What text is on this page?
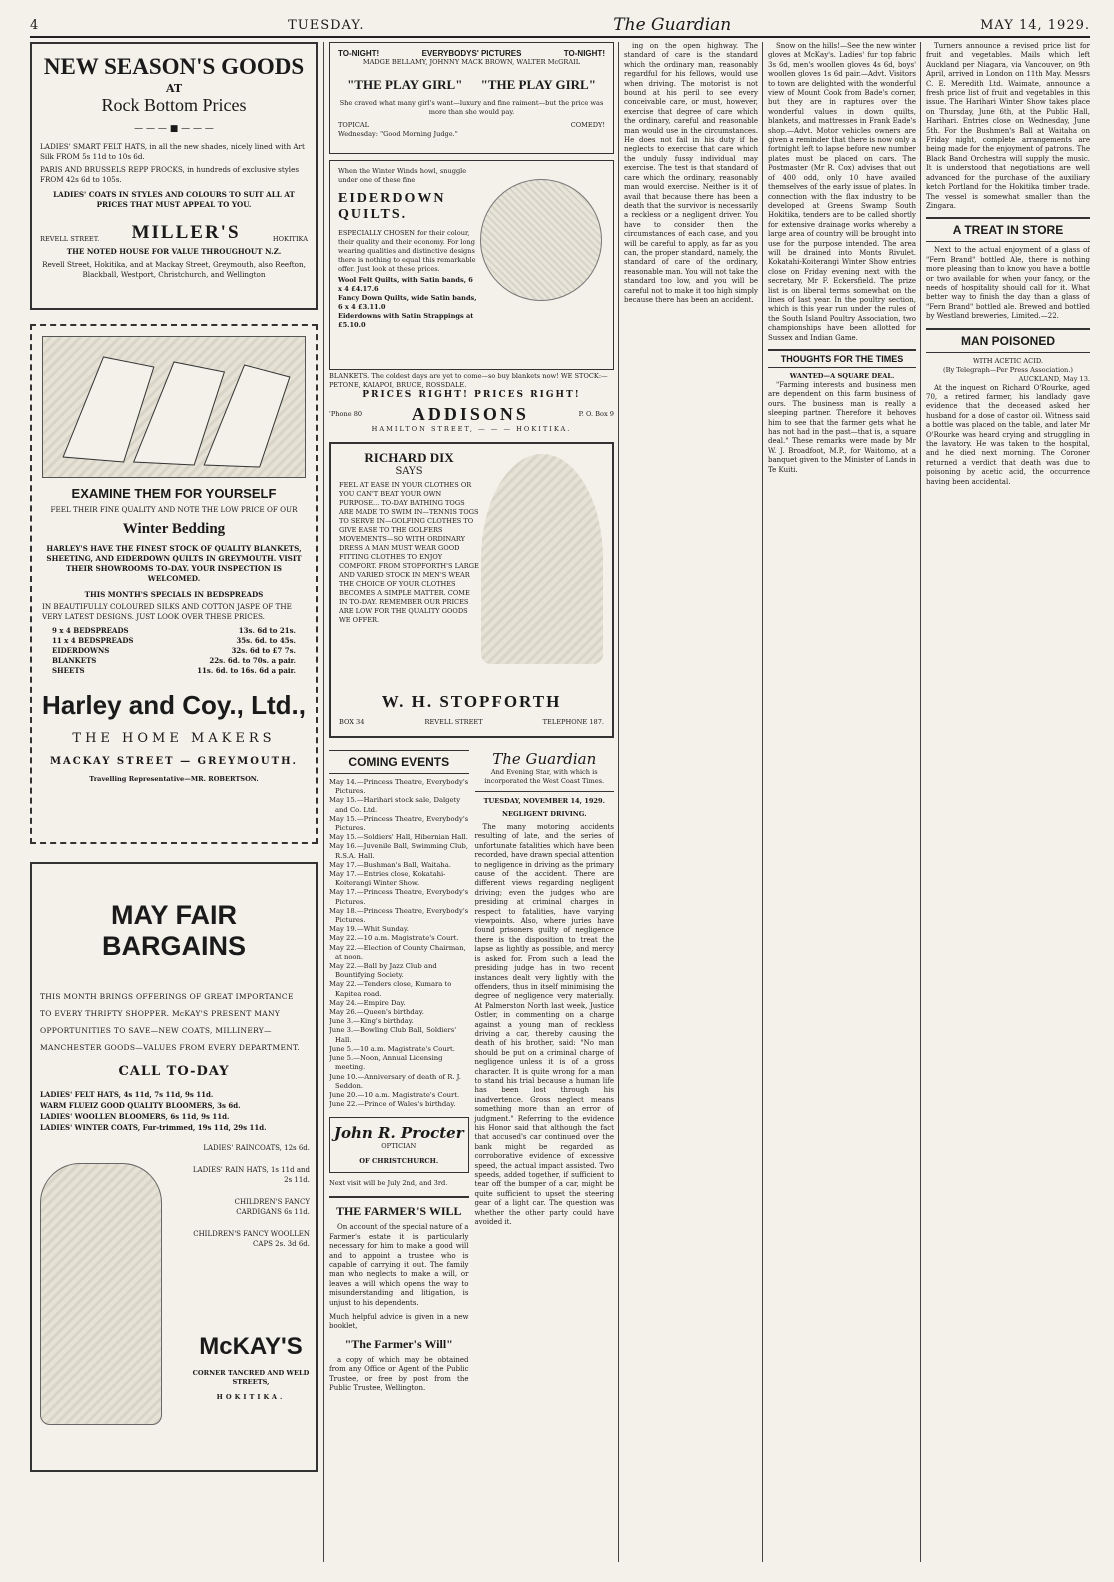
4	TUESDAY.	The Guardian	MAY 14, 1929.
NEW SEASON'S GOODS
AT
Rock Bottom Prices
— — — ■ — — —

LADIES' SMART FELT HATS, in all the new shades, nicely lined with Art Silk FROM 5s 11d to 10s 6d.

PARIS AND BRUSSELS REPP FROCKS, in hundreds of exclusive styles FROM 42s 6d to 105s.

LADIES' COATS IN STYLES AND COLOURS TO SUIT ALL AT PRICES THAT MUST APPEAL TO YOU.

REVELL STREET. MILLER'S	HOKITIKA

THE NOTED HOUSE FOR VALUE THROUGHOUT N.Z.

Revell Street, Hokitika, and at Mackay Street, Greymouth, also Reefton, Blackball, Westport, Christchurch, and Wellington

EXAMINE THEM FOR YOURSELF

FEEL THEIR FINE QUALITY AND NOTE THE LOW PRICE OF OUR

Winter Bedding

HARLEY'S HAVE THE FINEST STOCK OF QUALITY BLANKETS, SHEETING, AND EIDERDOWN QUILTS IN GREYMOUTH. VISIT THEIR SHOWROOMS TO-DAY. YOUR INSPECTION IS WELCOMED.

THIS MONTH'S SPECIALS IN BEDSPREADS

IN BEAUTIFULLY COLOURED SILKS AND COTTON JASPE OF THE VERY LATEST DESIGNS. JUST LOOK OVER THESE PRICES.

9 x 4 BEDSPREADS	13s. 6d to 21s.
11 x 4 BEDSPREADS	35s. 6d. to 45s.
EIDERDOWNS	32s. 6d to £7 7s.
BLANKETS	22s. 6d. to 70s. a pair.
SHEETS	11s. 6d. to 16s. 6d a pair.
Harley and Coy., Ltd.,
THE HOME MAKERS
MACKAY STREET — GREYMOUTH.
Travelling Representative—MR. ROBERTSON.
MAY FAIR BARGAINS

THIS MONTH BRINGS OFFERINGS OF GREAT IMPORTANCE TO EVERY THRIFTY SHOPPER. McKAY'S PRESENT MANY OPPORTUNITIES TO SAVE—NEW COATS, MILLINERY—MANCHESTER GOODS—VALUES FROM EVERY DEPARTMENT.

CALL TO-DAY
LADIES' FELT HATS, 4s 11d, 7s 11d, 9s 11d.
WARM FLUEIZ GOOD QUALITY BLOOMERS, 3s 6d.
LADIES' WOOLLEN BLOOMERS, 6s 11d, 9s 11d.
LADIES' WINTER COATS, Fur-trimmed, 19s 11d, 29s 11d.
LADIES' RAINCOATS, 12s 6d.
LADIES' RAIN HATS, 1s 11d and 2s 11d.
CHILDREN'S FANCY CARDIGANS 6s 11d.
CHILDREN'S FANCY WOOLLEN CAPS 2s. 3d 6d.
McKAY'S
CORNER TANCRED AND WELD STREETS,
HOKITIKA.
TO-NIGHT!	EVERYBODYS' PICTURES	TO-NIGHT!
MADGE BELLAMY, JOHNNY MACK BROWN, WALTER McGRAIL
"THE PLAY GIRL" "THE PLAY GIRL"
She craved what many girl's want—luxury and fine raiment—but the price was more than she would pay.
TOPICAL	COMEDY!
Wednesday: "Good Morning Judge."
When the Winter Winds howl, snuggle under one of these fine
EIDERDOWN QUILTS.
ESPECIALLY CHOSEN for their colour, their quality and their economy. For long wearing qualities and distinctive designs there is nothing to equal this remarkable offer. Just look at these prices.
Wool Felt Quilts, with Satin bands, 6 x 4 £4.17.6
Fancy Down Quilts, wide Satin bands, 6 x 4 £3.11.0
Eiderdowns with Satin Strappings at £5.10.0
BLANKETS. The coldest days are yet to come—so buy blankets now! WE STOCK:—PETONE, KAIAPOI, BRUCE, ROSSDALE.
PRICES RIGHT! PRICES RIGHT!
'Phone 80	ADDISONS	P. O. Box 9
HAMILTON STREET, — — — HOKITIKA.
RICHARD DIX
SAYS
FEEL AT EASE IN YOUR CLOTHES OR YOU CAN'T BEAT YOUR OWN PURPOSE... TO-DAY BATHING TOGS ARE MADE TO SWIM IN—TENNIS TOGS TO SERVE IN—GOLFING CLOTHES TO GIVE EASE TO THE GOLFERS MOVEMENTS—SO WITH ORDINARY DRESS A MAN MUST WEAR GOOD FITTING CLOTHES TO ENJOY COMFORT. FROM STOPFORTH'S LARGE AND VARIED STOCK IN MEN'S WEAR THE CHOICE OF YOUR CLOTHES BECOMES A SIMPLE MATTER. COME IN TO-DAY. REMEMBER OUR PRICES ARE LOW FOR THE QUALITY GOODS WE OFFER.
W. H. STOPFORTH
BOX 34	REVELL STREET	TELEPHONE 187.
COMING EVENTS

May 14.—Princess Theatre, Everybody's Pictures.

May 15.—Harihari stock sale, Dalgety and Co. Ltd.

May 15.—Princess Theatre, Everybody's Pictures.

May 15.—Soldiers' Hall, Hibernian Hall.

May 16.—Juvenile Ball, Swimming Club, R.S.A. Hall.

May 17.—Bushman's Ball, Waitaha.

May 17.—Entries close, Kokatahi-Koiterangi Winter Show.

May 17.—Princess Theatre, Everybody's Pictures.

May 18.—Princess Theatre, Everybody's Pictures.

May 19.—Whit Sunday.

May 22.—10 a.m. Magistrate's Court.

May 22.—Election of County Chairman, at noon.

May 22.—Ball by Jazz Club and Bountifying Society.

May 22.—Tenders close, Kumara to Kapitea road.

May 24.—Empire Day.

May 26.—Queen's birthday.

June 3.—King's birthday.

June 3.—Bowling Club Ball, Soldiers' Hall.

June 5.—10 a.m. Magistrate's Court.

June 5.—Noon, Annual Licensing meeting.

June 10.—Anniversary of death of R. J. Seddon.

June 20.—10 a.m. Magistrate's Court.

June 22.—Prince of Wales's birthday.

John R. Procter
OPTICIAN
OF CHRISTCHURCH.
Next visit will be July 2nd, and 3rd.
THE FARMER'S WILL

On account of the special nature of a Farmer's estate it is particularly necessary for him to make a good will and to appoint a trustee who is capable of carrying it out. The family man who neglects to make a will, or leaves a will which opens the way to misunderstanding and litigation, is unjust to his dependents.

Much helpful advice is given in a new booklet,

"The Farmer's Will"

a copy of which may be obtained from any Office or Agent of the Public Trustee, or free by post from the Public Trustee, Wellington.

The Guardian
And Evening Star, with which is incorporated the West Coast Times.
TUESDAY, NOVEMBER 14, 1929.
NEGLIGENT DRIVING.

The many motoring accidents resulting of late, and the series of unfortunate fatalities which have been recorded, have drawn special attention to negligence in driving as the primary cause of the accident. There are different views regarding negligent driving; even the judges who are presiding at criminal charges in respect to fatalities, have varying viewpoints. Also, where juries have found prisoners guilty of negligence there is the disposition to treat the lapse as lightly as possible, and mercy is asked for. From such a lead the presiding judge has in two recent instances dealt very lightly with the offenders, thus in itself minimising the degree of negligence very materially. At Palmerston North last week, Justice Ostler, in commenting on a charge against a young man of reckless driving a car, thereby causing the death of his brother, said: "No man should be put on a criminal charge of negligence unless it is of a gross character. It is quite wrong for a man to stand his trial because a human life has been lost through his inadvertence. Gross neglect means something more than an error of judgment." Referring to the evidence his Honor said that although the fact that accused's car continued over the bank might be regarded as corroborative evidence of excessive speed, the actual impact assisted. Two speeds, added together, if sufficient to tear off the bumper of a car, might be quite sufficient to upset the steering gear of a light car. The question was whether the other party could have avoided it.

ing on the open highway. The standard of care is the standard which the ordinary man, reasonably regardful for his fellows, would use when driving. The motorist is not bound at his peril to see every conceivable care, or must, however, exercise that degree of care which the ordinary, careful and reasonable man would use in the circumstances. He does not fail in his duty if he neglects to exercise that care which the unduly fussy individual may exercise. The test is that standard of care which the ordinary, reasonably man would exercise. Neither is it of avail that because there has been a death that the survivor is necessarily a reckless or a negligent driver. You have to consider then the circumstances of each case, and you will be careful to apply, as far as you can, the proper standard, namely, the standard of care of the ordinary, reasonable man. You will not take the standard too low, and you will be careful not to make it too high simply because there has been an accident.

Snow on the hills!—See the new winter gloves at McKay's. Ladies' fur top fabric 3s 6d, men's woollen gloves 4s 6d, boys' woollen gloves 1s 6d pair.—Advt. Visitors to town are delighted with the wonderful view of Mount Cook from Bade's corner, but they are in raptures over the wonderful values in down quilts, blankets, and mattresses in Frank Eade's shop.—Advt. Motor vehicles owners are given a reminder that there is now only a fortnight left to lapse before new number plates must be placed on cars. The Postmaster (Mr R. Cox) advises that out of 400 odd, only 10 have availed themselves of the early issue of plates. In connection with the flax industry to be developed at Greens Swamp South Hokitika, tenders are to be called shortly for extensive drainage works whereby a large area of country will be brought into use for the purpose intended. The area will be drained into Monts Rivulet. Kokatahi-Koiterangi Winter Show entries close on Friday evening next with the secretary, Mr F. Eckersfield. The prize list is on liberal terms somewhat on the lines of last year. In the poultry section, which is this year run under the rules of the South Island Poultry Association, two championships have been allotted for Sussex and Indian Game.

THOUGHTS FOR THE TIMES
WANTED—A SQUARE DEAL.

"Farming interests and business men are dependent on this farm business of ours. The business man is really a sleeping partner. Therefore it behoves him to see that the farmer gets what he has not had in the past—that is, a square deal." These remarks were made by Mr W. J. Broadfoot, M.P., for Waitomo, at a banquet given to the Minister of Lands in Te Kuiti.

Turners announce a revised price list for fruit and vegetables. Mails which left Auckland per Niagara, via Vancouver, on 9th April, arrived in London on 11th May. Messrs C. E. Meredith Ltd. Waimate, announce a fresh price list of fruit and vegetables in this issue. The Harihari Winter Show takes place on Thursday, June 6th, at the Public Hall, Harihari. Entries close on Wednesday, June 5th. For the Bushmen's Ball at Waitaha on Friday night, complete arrangements are being made for the enjoyment of patrons. The Black Band Orchestra will supply the music. It is understood that negotiations are well advanced for the purchase of the auxiliary ketch Portland for the Hokitika timber trade. The vessel is somewhat smaller than the Zingara.

A TREAT IN STORE

Next to the actual enjoyment of a glass of "Fern Brand" bottled Ale, there is nothing more pleasing than to know you have a bottle or two available for when your fancy, or the needs of hospitality should call for it. What better way to finish the day than a glass of "Fern Brand" bottled ale. Brewed and bottled by Westland breweries, Limited.—22.

MAN POISONED
WITH ACETIC ACID.
(By Telegraph—Per Press Association.)
AUCKLAND, May 13.

At the inquest on Richard O'Rourke, aged 70, a retired farmer, his landlady gave evidence that the deceased asked her husband for a dose of castor oil. Witness said a bottle was placed on the table, and later Mr O'Rourke was heard crying and struggling in the lavatory. He was taken to the hospital, and he died next morning. The Coroner returned a verdict that death was due to poisoning by acetic acid, the occurrence having been accidental.
